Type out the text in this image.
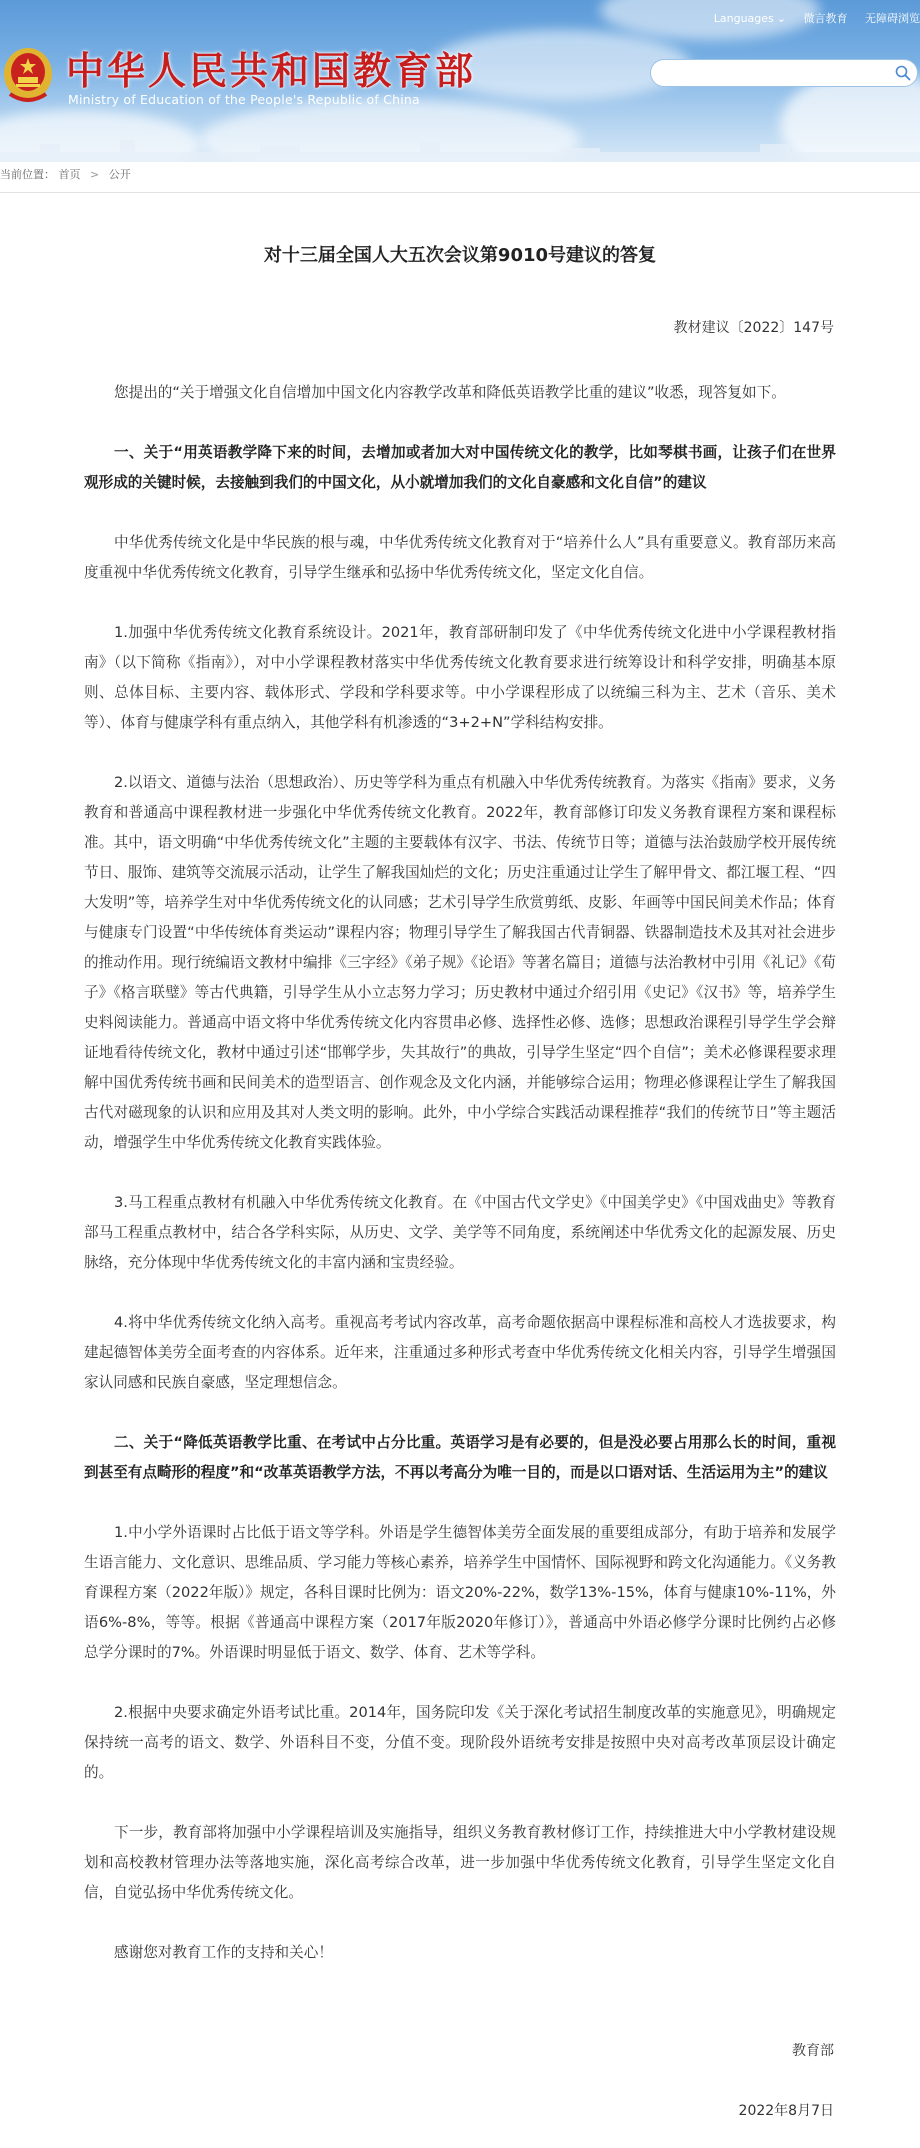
中华人民共和国教育部
Ministry of Education of the People's Republic of China
Languages ⌄ 微言教育 无障碍浏览
当前位置： 首页 > 公开
对十三届全国人大五次会议第9010号建议的答复
教材建议〔2022〕147号

您提出的“关于增强文化自信增加中国文化内容教学改革和降低英语教学比重的建议”收悉，现答复如下。

一、关于“用英语教学降下来的时间，去增加或者加大对中国传统文化的教学，比如琴棋书画，让孩子们在世界观形成的关键时候，去接触到我们的中国文化，从小就增加我们的文化自豪感和文化自信”的建议

中华优秀传统文化是中华民族的根与魂，中华优秀传统文化教育对于“培养什么人”具有重要意义。教育部历来高度重视中华优秀传统文化教育，引导学生继承和弘扬中华优秀传统文化，坚定文化自信。

1.加强中华优秀传统文化教育系统设计。2021年，教育部研制印发了《中华优秀传统文化进中小学课程教材指南》（以下简称《指南》），对中小学课程教材落实中华优秀传统文化教育要求进行统筹设计和科学安排，明确基本原则、总体目标、主要内容、载体形式、学段和学科要求等。中小学课程形成了以统编三科为主、艺术（音乐、美术等）、体育与健康学科有重点纳入，其他学科有机渗透的“3+2+N”学科结构安排。

2.以语文、道德与法治（思想政治）、历史等学科为重点有机融入中华优秀传统教育。为落实《指南》要求，义务教育和普通高中课程教材进一步强化中华优秀传统文化教育。2022年，教育部修订印发义务教育课程方案和课程标准。其中，语文明确“中华优秀传统文化”主题的主要载体有汉字、书法、传统节日等；道德与法治鼓励学校开展传统节日、服饰、建筑等交流展示活动，让学生了解我国灿烂的文化；历史注重通过让学生了解甲骨文、都江堰工程、“四大发明”等，培养学生对中华优秀传统文化的认同感；艺术引导学生欣赏剪纸、皮影、年画等中国民间美术作品；体育与健康专门设置“中华传统体育类运动”课程内容；物理引导学生了解我国古代青铜器、铁器制造技术及其对社会进步的推动作用。现行统编语文教材中编排《三字经》《弟子规》《论语》等著名篇目；道德与法治教材中引用《礼记》《荀子》《格言联璧》等古代典籍，引导学生从小立志努力学习；历史教材中通过介绍引用《史记》《汉书》等，培养学生史料阅读能力。普通高中语文将中华优秀传统文化内容贯串必修、选择性必修、选修；思想政治课程引导学生学会辩证地看待传统文化，教材中通过引述“邯郸学步，失其故行”的典故，引导学生坚定“四个自信”；美术必修课程要求理解中国优秀传统书画和民间美术的造型语言、创作观念及文化内涵，并能够综合运用；物理必修课程让学生了解我国古代对磁现象的认识和应用及其对人类文明的影响。此外，中小学综合实践活动课程推荐“我们的传统节日”等主题活动，增强学生中华优秀传统文化教育实践体验。

3.马工程重点教材有机融入中华优秀传统文化教育。在《中国古代文学史》《中国美学史》《中国戏曲史》等教育部马工程重点教材中，结合各学科实际，从历史、文学、美学等不同角度，系统阐述中华优秀文化的起源发展、历史脉络，充分体现中华优秀传统文化的丰富内涵和宝贵经验。

4.将中华优秀传统文化纳入高考。重视高考考试内容改革，高考命题依据高中课程标准和高校人才选拔要求，构建起德智体美劳全面考查的内容体系。近年来，注重通过多种形式考查中华优秀传统文化相关内容，引导学生增强国家认同感和民族自豪感，坚定理想信念。

二、关于“降低英语教学比重、在考试中占分比重。英语学习是有必要的，但是没必要占用那么长的时间，重视到甚至有点畸形的程度”和“改革英语教学方法，不再以考高分为唯一目的，而是以口语对话、生活运用为主”的建议

1.中小学外语课时占比低于语文等学科。外语是学生德智体美劳全面发展的重要组成部分，有助于培养和发展学生语言能力、文化意识、思维品质、学习能力等核心素养，培养学生中国情怀、国际视野和跨文化沟通能力。《义务教育课程方案（2022年版）》规定，各科目课时比例为：语文20%-22%，数学13%-15%，体育与健康10%-11%，外语6%-8%，等等。根据《普通高中课程方案（2017年版2020年修订）》，普通高中外语必修学分课时比例约占必修总学分课时的7%。外语课时明显低于语文、数学、体育、艺术等学科。

2.根据中央要求确定外语考试比重。2014年，国务院印发《关于深化考试招生制度改革的实施意见》，明确规定保持统一高考的语文、数学、外语科目不变，分值不变。现阶段外语统考安排是按照中央对高考改革顶层设计确定的。

下一步，教育部将加强中小学课程培训及实施指导，组织义务教育教材修订工作，持续推进大中小学教材建设规划和高校教材管理办法等落地实施，深化高考综合改革，进一步加强中华优秀传统文化教育，引导学生坚定文化自信，自觉弘扬中华优秀传统文化。

感谢您对教育工作的支持和关心！

教育部
2022年8月7日
